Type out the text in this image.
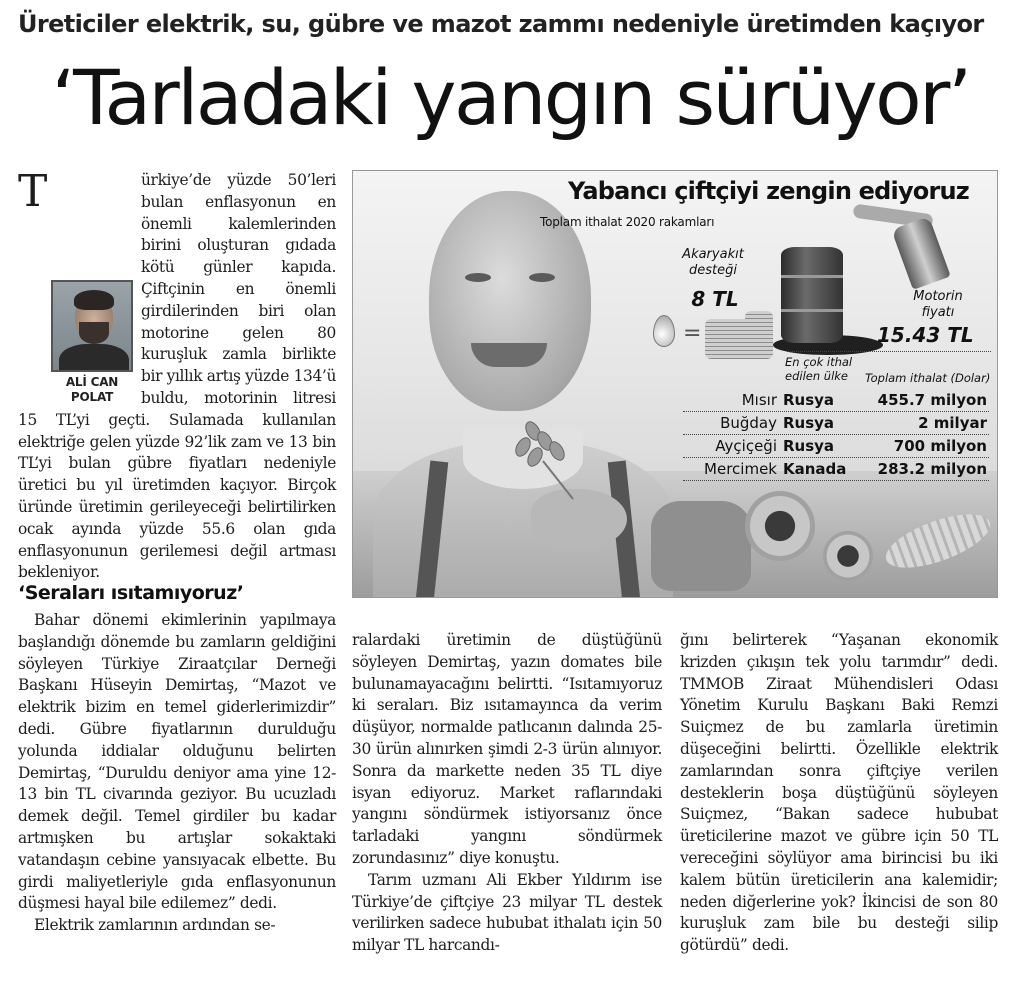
Üreticiler elektrik, su, gübre ve mazot zammı nedeniyle üretimden kaçıyor
‘Tarladaki yangın sürüyor’
T
ALİ CAN
POLAT
ürkiye’de yüzde 50’leri bulan enflasyonun en önemli kalemlerinden birini oluşturan gıdada kötü günler kapıda. Çiftçinin en önemli girdilerinden biri olan motorine gelen 80 kuruşluk zamla birlikte bir yıllık artış yüzde 134’ü buldu, motorinin litresi 15 TL’yi geçti. Sulamada kullanılan elektriğe gelen yüzde 92’lik zam ve 13 bin TL’yi bulan gübre fiyatları nedeniyle üretici bu yıl üretimden kaçıyor. Birçok üründe üretimin gerileyeceği belirtilirken ocak ayında yüzde 55.6 olan gıda enflasyonunun gerilemesi değil artması bekleniyor.
‘Seraları ısıtamıyoruz’

Bahar dönemi ekimlerinin yapılmaya başlandığı dönemde bu zamların geldiğini söyleyen Türkiye Ziraatçılar Derneği Başkanı Hüseyin Demirtaş, “Mazot ve elektrik bizim en temel giderlerimizdir” dedi. Gübre fiyatlarının durulduğu yolunda iddialar olduğunu belirten Demirtaş, “Duruldu deniyor ama yine 12-13 bin TL civarında geziyor. Bu ucuzladı demek değil. Temel girdiler bu kadar artmışken bu artışlar sokaktaki vatandaşın cebine yansıyacak elbette. Bu girdi maliyetleriyle gıda enflasyonunun düşmesi hayal bile edilemez” dedi.

Elektrik zamlarının ardından se-

ralardaki üretimin de düştüğünü söyleyen Demirtaş, yazın domates bile bulunamayacağını belirtti. “Isıtamıyoruz ki seraları. Biz ısıtamayınca da verim düşüyor, normalde patlıcanın dalında 25-30 ürün alınırken şimdi 2-3 ürün alınıyor. Sonra da markette neden 35 TL diye isyan ediyoruz. Market raflarındaki yangını söndürmek istiyorsanız önce tarladaki yangını söndürmek zorundasınız” diye konuştu.

Tarım uzmanı Ali Ekber Yıldırım ise Türkiye’de çiftçiye 23 milyar TL destek verilirken sadece hububat ithalatı için 50 milyar TL harcandı-

ğını belirterek “Yaşanan ekonomik krizden çıkışın tek yolu tarımdır” dedi. TMMOB Ziraat Mühendisleri Odası Yönetim Kurulu Başkanı Baki Remzi Suiçmez de bu zamlarla üretimin düşeceğini belirtti. Özellikle elektrik zamlarından sonra çiftçiye verilen desteklerin boşa düştüğünü söyleyen Suiçmez, “Bakan sadece hububat üreticilerine mazot ve gübre için 50 TL vereceğini söylüyor ama birincisi bu iki kalem bütün üreticilerin ana kalemidir; neden diğerlerine yok? İkincisi de son 80 kuruşluk zam bile bu desteği silip götürdü” dedi.

Yabancı çiftçiyi zengin ediyoruz
Toplam ithalat 2020 rakamları
Akaryakıt
desteği
8 TL
=
Motorin
fiyatı
15.43 TL
En çok ithal
edilen ülke	Toplam ithalat (Dolar)
Mısır Rusya	455.7 milyon
Buğday Rusya	2 milyar
Ayçiçeği Rusya	700 milyon
Mercimek Kanada	283.2 milyon
